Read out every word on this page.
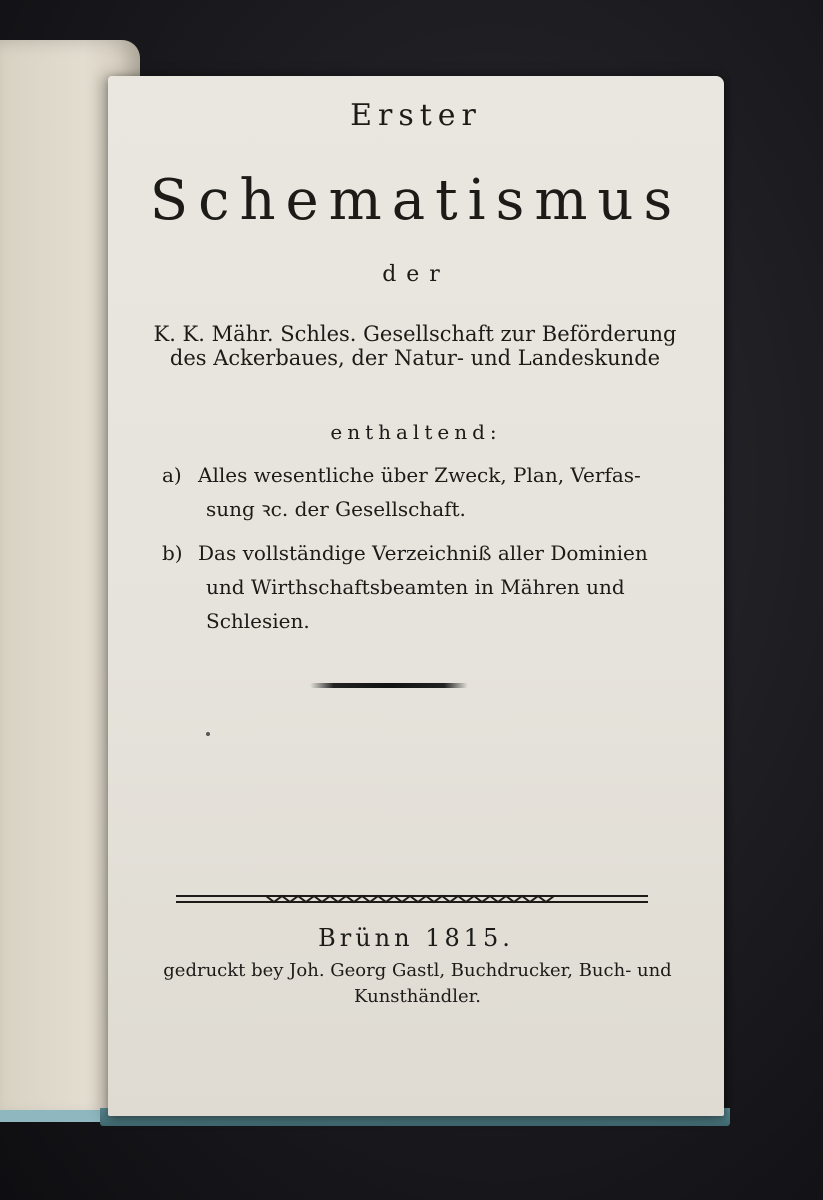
Erster
Schematismus
der
K. K. Mähr. Schles. Gesellschaft zur Beförderung des Ackerbaues, der Natur- und Landeskunde
enthaltend:
a) Alles wesentliche über Zweck, Plan, Verfas-
sung ꝛc. der Gesellschaft.
b) Das vollständige Verzeichniß aller Dominien
und Wirthschaftsbeamten in Mähren und
Schlesien.
Brünn 1815.
gedruckt bey Joh. Georg Gastl, Buchdrucker, Buch- und Kunsthändler.
